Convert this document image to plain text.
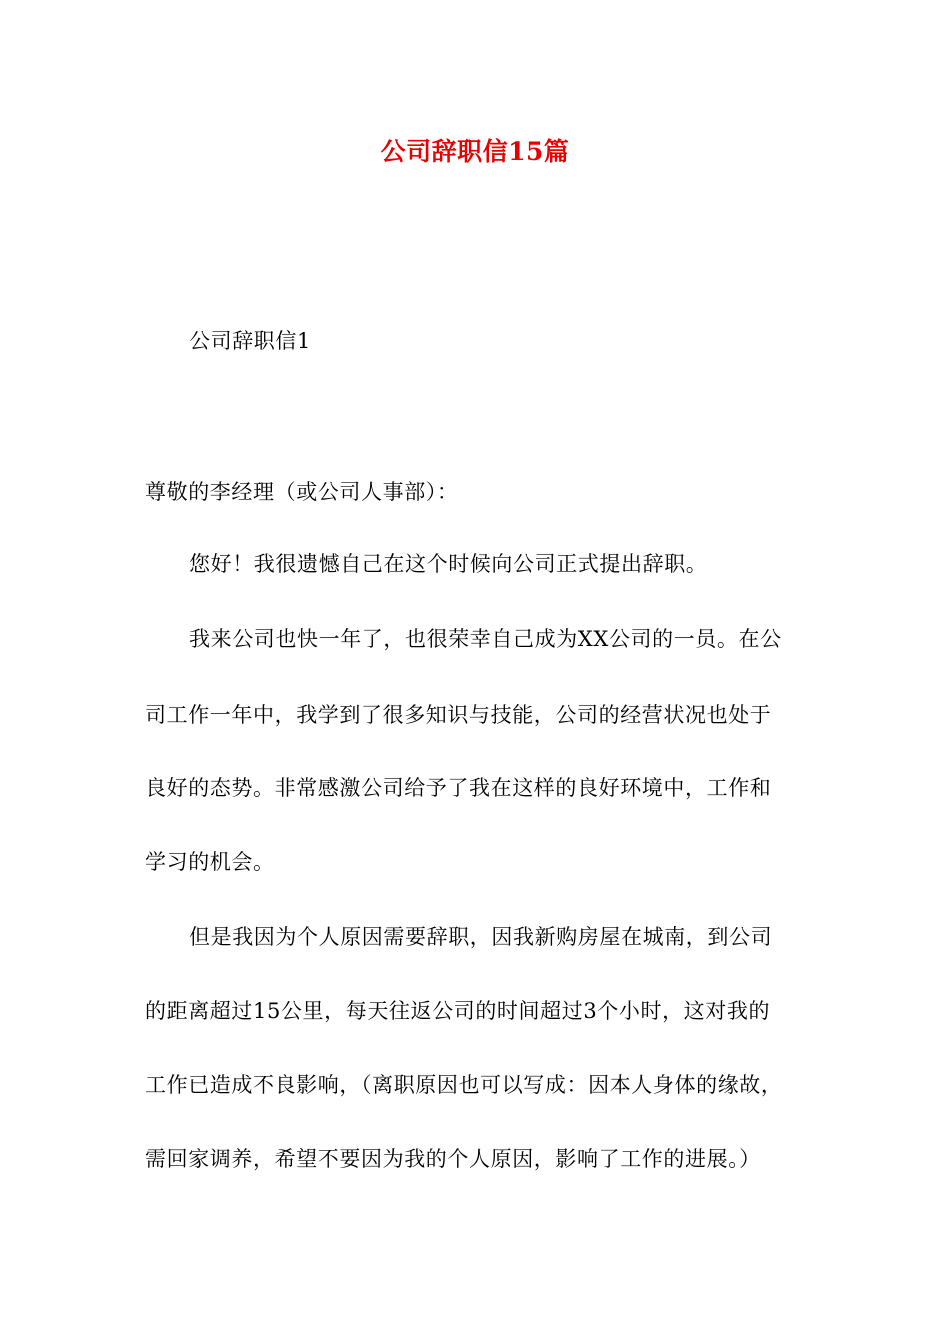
公司辞职信15篇
公司辞职信1
尊敬的李经理（或公司人事部）：
您好！我很遗憾自己在这个时候向公司正式提出辞职。
我来公司也快一年了，也很荣幸自己成为XX公司的一员。在公
司工作一年中，我学到了很多知识与技能，公司的经营状况也处于
良好的态势。非常感激公司给予了我在这样的良好环境中，工作和
学习的机会。
但是我因为个人原因需要辞职，因我新购房屋在城南，到公司
的距离超过15公里，每天往返公司的时间超过3个小时，这对我的
工作已造成不良影响，（离职原因也可以写成：因本人身体的缘故，
需回家调养，希望不要因为我的个人原因，影响了工作的进展。）
